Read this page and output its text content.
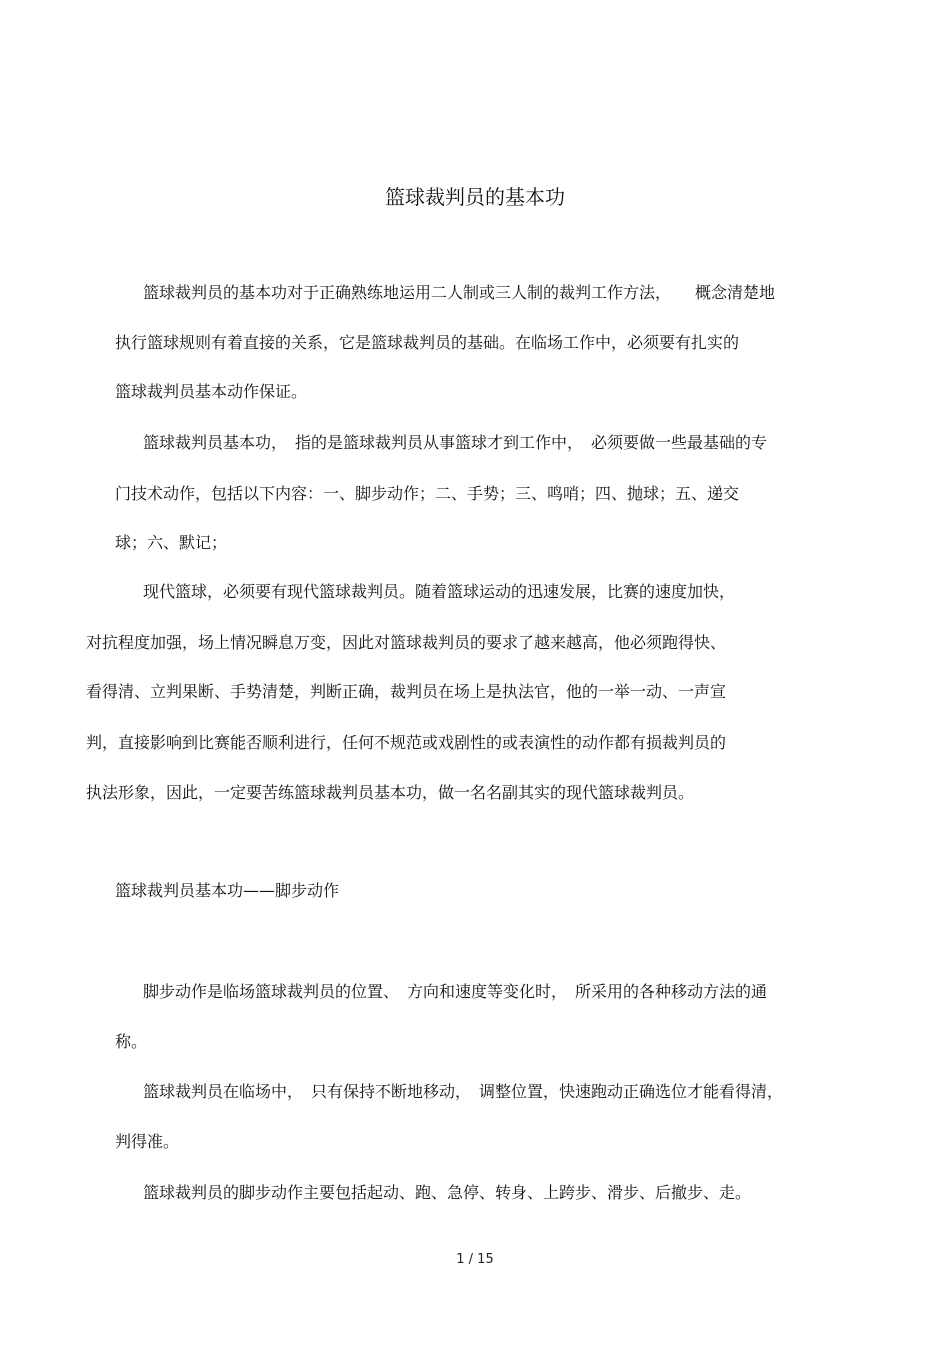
篮球裁判员的基本功
篮球裁判员的基本功对于正确熟练地运用二人制或三人制的裁判工作方法，　　概念清楚地
执行篮球规则有着直接的关系，它是篮球裁判员的基础。在临场工作中，必须要有扎实的
篮球裁判员基本动作保证。
篮球裁判员基本功，　指的是篮球裁判员从事篮球才到工作中，　必须要做一些最基础的专
门技术动作，包括以下内容：一、脚步动作；二、手势；三、鸣哨；四、抛球；五、递交
球；六、默记；
现代篮球，必须要有现代篮球裁判员。随着篮球运动的迅速发展，比赛的速度加快，
对抗程度加强，场上情况瞬息万变，因此对篮球裁判员的要求了越来越高，他必须跑得快、
看得清、立判果断、手势清楚，判断正确，裁判员在场上是执法官，他的一举一动、一声宣
判，直接影响到比赛能否顺利进行，任何不规范或戏剧性的或表演性的动作都有损裁判员的
执法形象，因此，一定要苦练篮球裁判员基本功，做一名名副其实的现代篮球裁判员。
篮球裁判员基本功——脚步动作
脚步动作是临场篮球裁判员的位置、　方向和速度等变化时，　所采用的各种移动方法的通
称。
篮球裁判员在临场中，　只有保持不断地移动，　调整位置，快速跑动正确选位才能看得清，
判得准。
篮球裁判员的脚步动作主要包括起动、跑、急停、转身、上跨步、滑步、后撤步、走。
1 / 15
